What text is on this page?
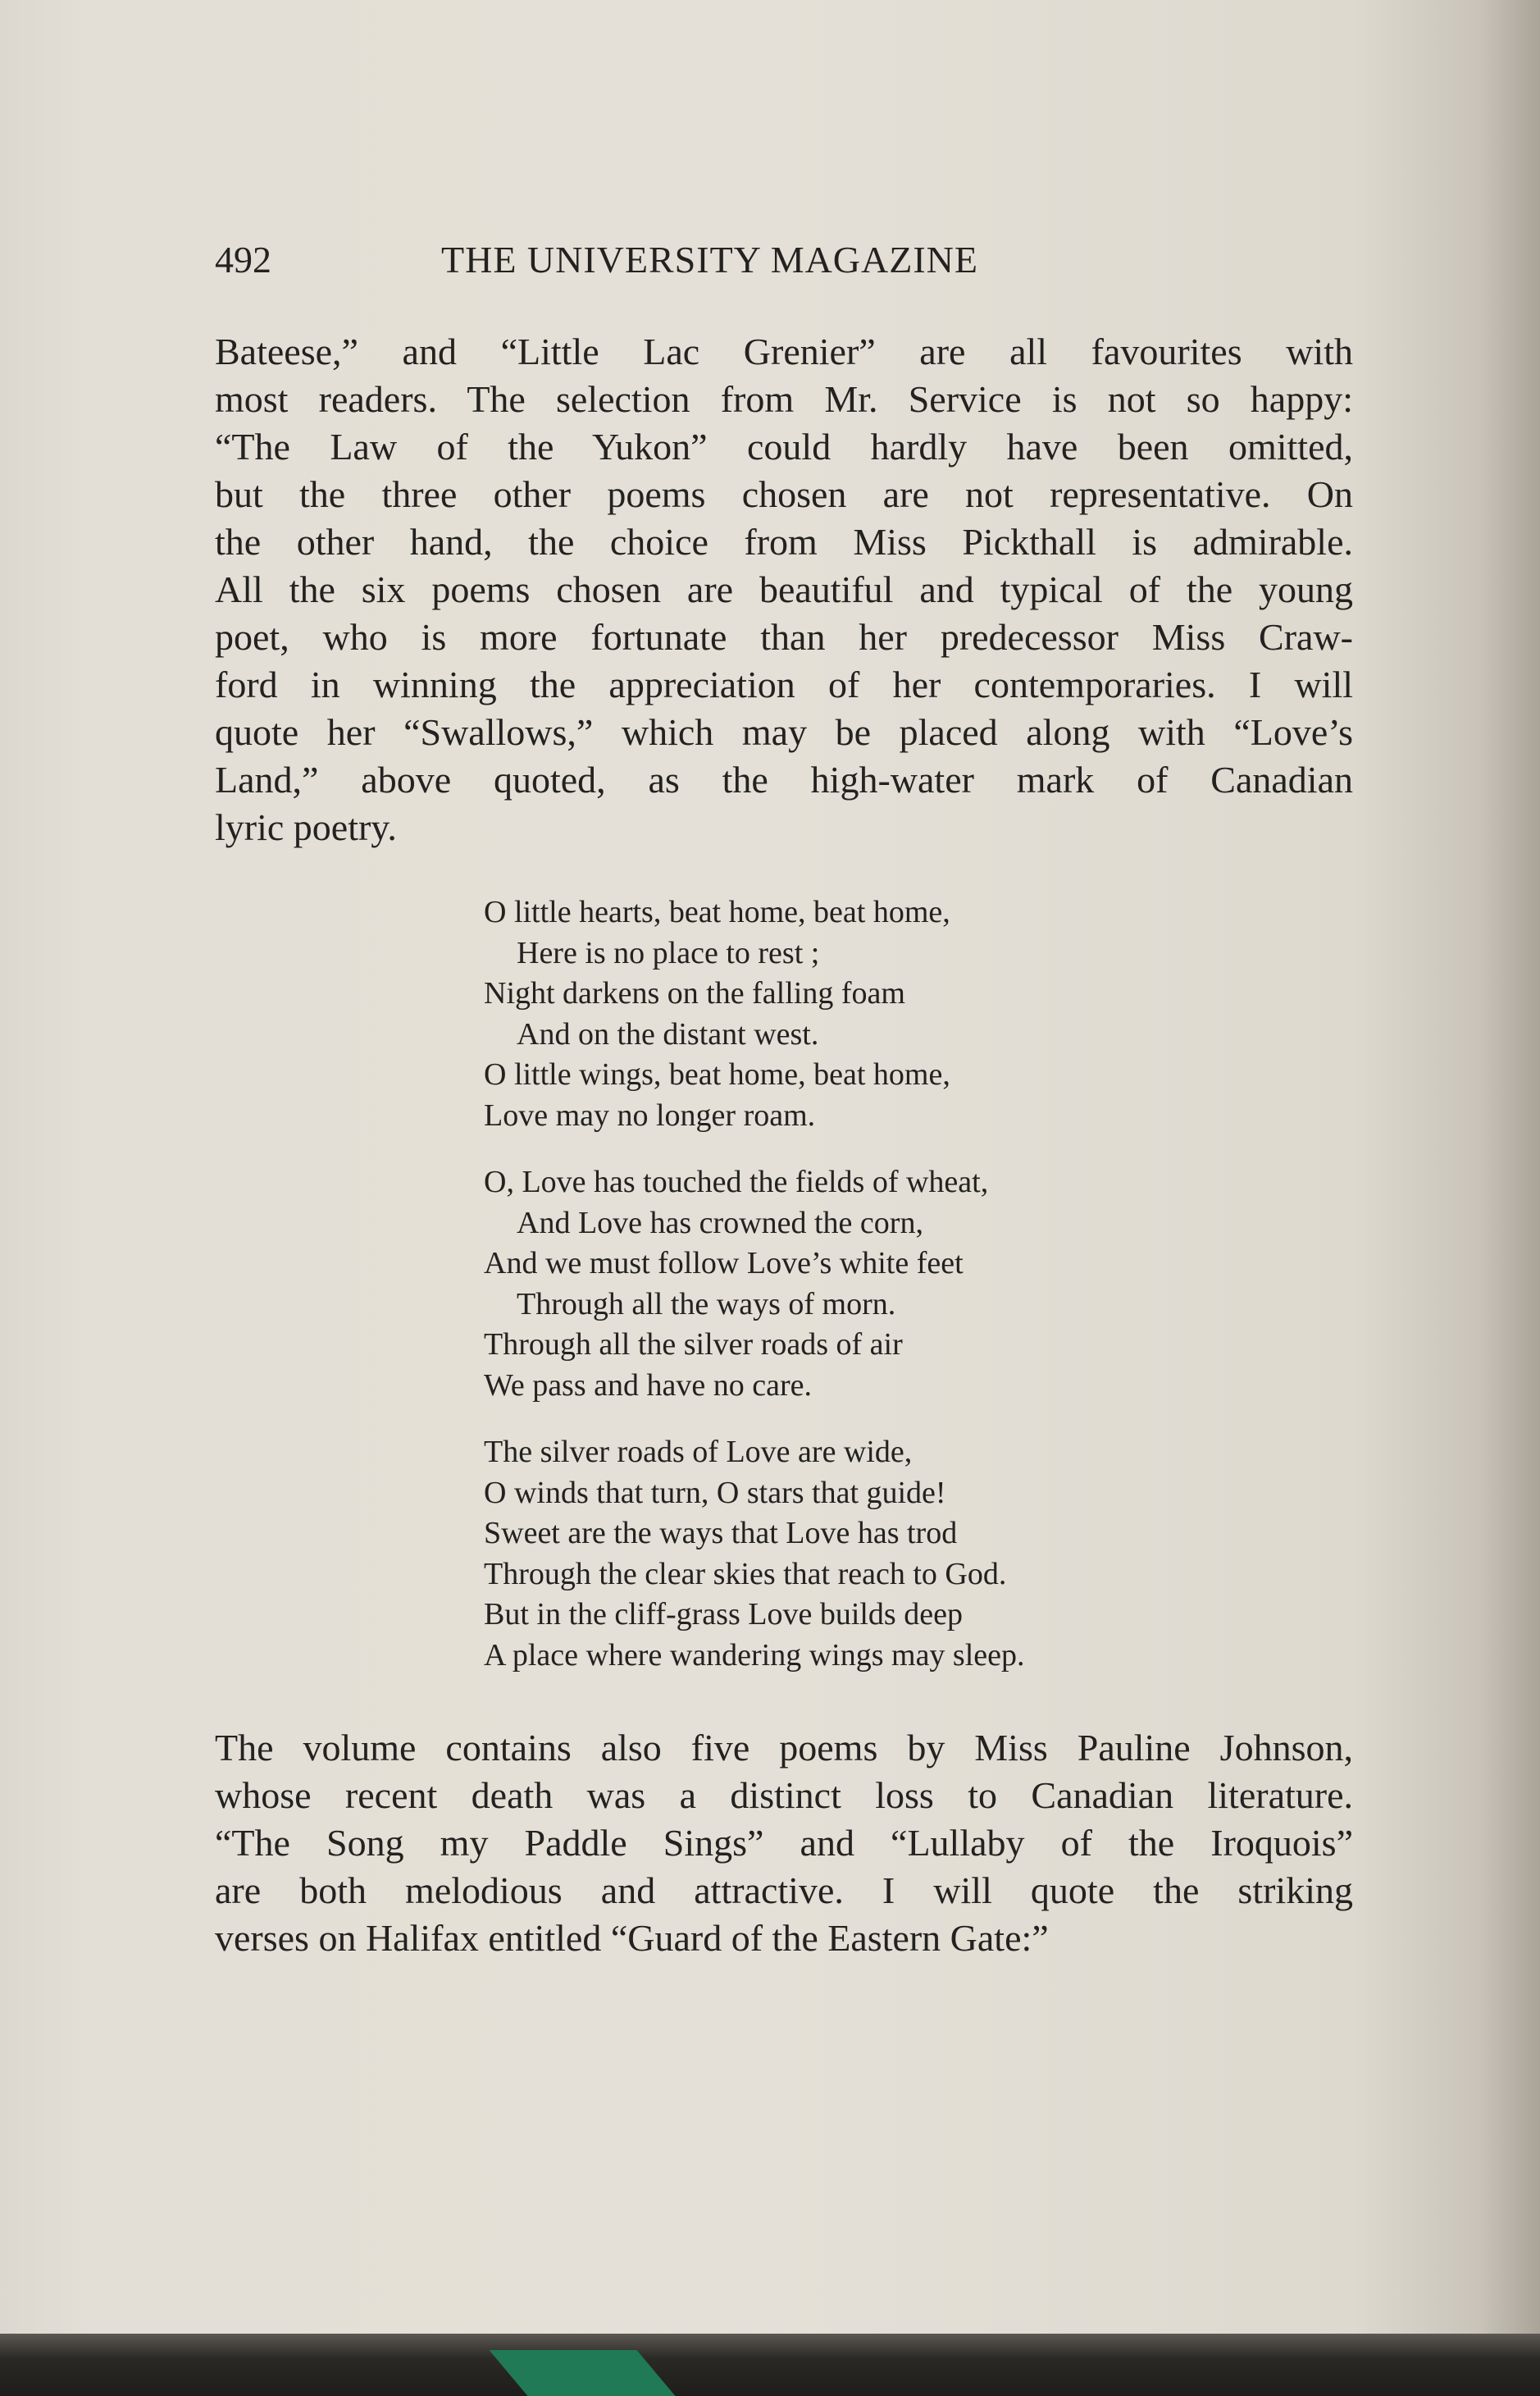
492	THE UNIVERSITY MAGAZINE
Bateese,” and “Little Lac Grenier” are all favourites with
most readers. The selection from Mr. Service is not so happy:
“The Law of the Yukon” could hardly have been omitted,
but the three other poems chosen are not representative. On
the other hand, the choice from Miss Pickthall is admirable.
All the six poems chosen are beautiful and typical of the young
poet, who is more fortunate than her predecessor Miss Craw-
ford in winning the appreciation of her contemporaries. I will
quote her “Swallows,” which may be placed along with “Love’s
Land,” above quoted, as the high-water mark of Canadian
lyric poetry.
O little hearts, beat home, beat home,
Here is no place to rest ;
Night darkens on the falling foam
And on the distant west.
O little wings, beat home, beat home,
Love may no longer roam.
O, Love has touched the fields of wheat,
And Love has crowned the corn,
And we must follow Love’s white feet
Through all the ways of morn.
Through all the silver roads of air
We pass and have no care.
The silver roads of Love are wide,
O winds that turn, O stars that guide!
Sweet are the ways that Love has trod
Through the clear skies that reach to God.
But in the cliff-grass Love builds deep
A place where wandering wings may sleep.
The volume contains also five poems by Miss Pauline Johnson,
whose recent death was a distinct loss to Canadian literature.
“The Song my Paddle Sings” and “Lullaby of the Iroquois”
are both melodious and attractive. I will quote the striking
verses on Halifax entitled “Guard of the Eastern Gate:”
